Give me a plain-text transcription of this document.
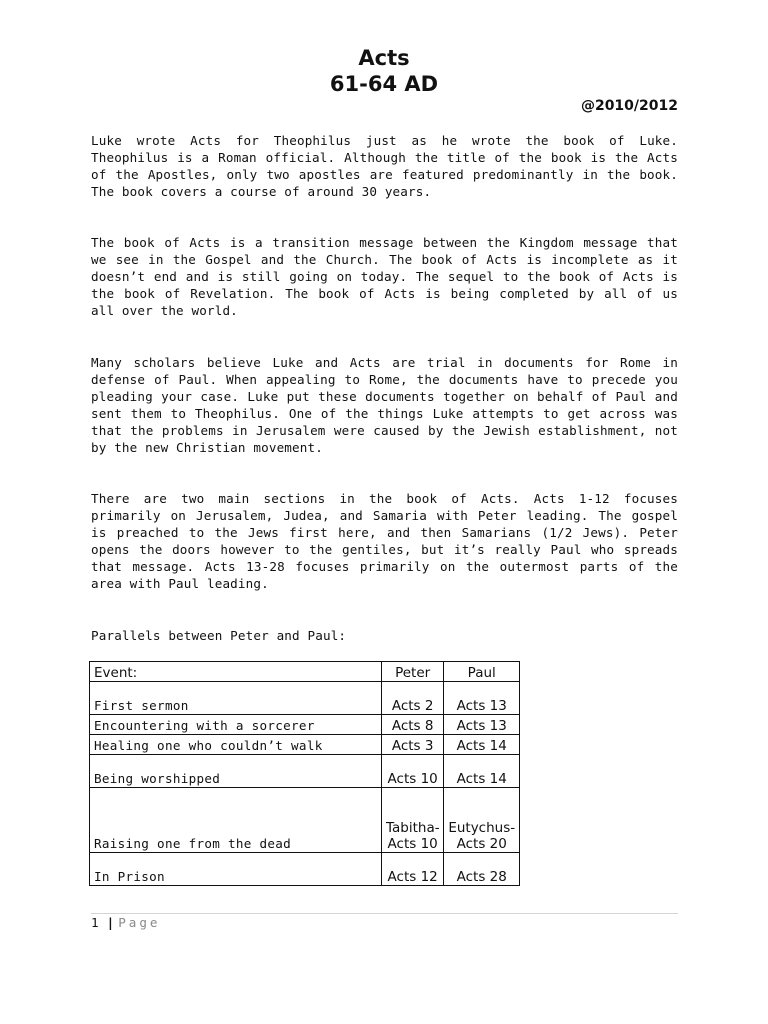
Acts
61-64 AD
@2010/2012

Luke wrote Acts for Theophilus just as he wrote the book of Luke. Theophilus is a Roman official. Although the title of the book is the Acts of the Apostles, only two apostles are featured predominantly in the book. The book covers a course of around 30 years.

The book of Acts is a transition message between the Kingdom message that we see in the Gospel and the Church. The book of Acts is incomplete as it doesn’t end and is still going on today. The sequel to the book of Acts is the book of Revelation. The book of Acts is being completed by all of us all over the world.

Many scholars believe Luke and Acts are trial in documents for Rome in defense of Paul. When appealing to Rome, the documents have to precede you pleading your case. Luke put these documents together on behalf of Paul and sent them to Theophilus. One of the things Luke attempts to get across was that the problems in Jerusalem were caused by the Jewish establishment, not by the new Christian movement.

There are two main sections in the book of Acts. Acts 1-12 focuses primarily on Jerusalem, Judea, and Samaria with Peter leading. The gospel is preached to the Jews first here, and then Samarians (1/2 Jews). Peter opens the doors however to the gentiles, but it’s really Paul who spreads that message. Acts 13-28 focuses primarily on the outermost parts of the area with Paul leading.

Parallels between Peter and Paul:

Event:	Peter	Paul
First sermon	Acts 2	Acts 13
Encountering with a sorcerer	Acts 8	Acts 13
Healing one who couldn’t walk	Acts 3	Acts 14
Being worshipped	Acts 10	Acts 14
Raising one from the dead	Tabitha-Acts 10	Eutychus- Acts 20
In Prison	Acts 12	Acts 28
1 | Page
